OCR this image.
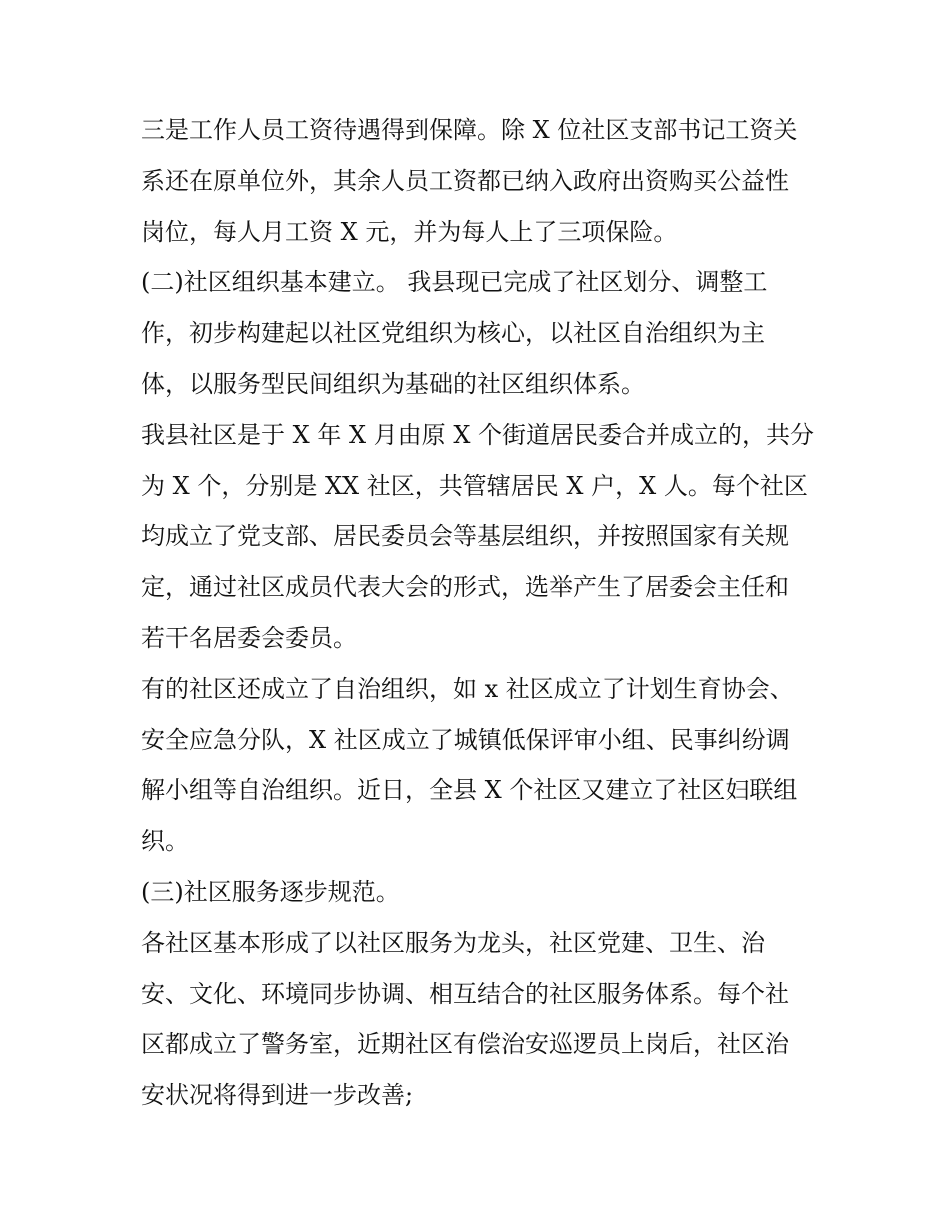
三是工作人员工资待遇得到保障。除 X 位社区支部书记工资关
系还在原单位外，其余人员工资都已纳入政府出资购买公益性
岗位，每人月工资 X 元，并为每人上了三项保险。
(二)社区组织基本建立。 我县现已完成了社区划分、调整工
作，初步构建起以社区党组织为核心，以社区自治组织为主
体，以服务型民间组织为基础的社区组织体系。
我县社区是于 X 年 X 月由原 X 个街道居民委合并成立的，共分
为 X 个，分别是 XX 社区，共管辖居民 X 户，X 人。每个社区
均成立了党支部、居民委员会等基层组织，并按照国家有关规
定，通过社区成员代表大会的形式，选举产生了居委会主任和
若干名居委会委员。
有的社区还成立了自治组织，如 x 社区成立了计划生育协会、
安全应急分队，X 社区成立了城镇低保评审小组、民事纠纷调
解小组等自治组织。近日，全县 X 个社区又建立了社区妇联组
织。
(三)社区服务逐步规范。
各社区基本形成了以社区服务为龙头，社区党建、卫生、治
安、文化、环境同步协调、相互结合的社区服务体系。每个社
区都成立了警务室，近期社区有偿治安巡逻员上岗后，社区治
安状况将得到进一步改善;
